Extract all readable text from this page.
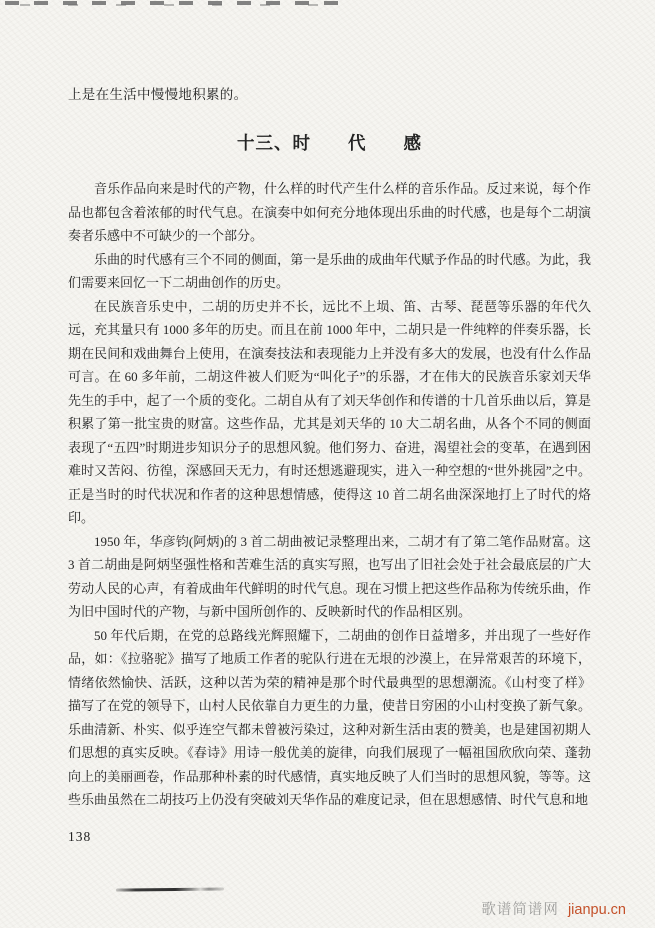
上是在生活中慢慢地积累的。
十三、时　　代　　感

音乐作品向来是时代的产物，什么样的时代产生什么样的音乐作品。反过来说，每个作品也都包含着浓郁的时代气息。在演奏中如何充分地体现出乐曲的时代感，也是每个二胡演奏者乐感中不可缺少的一个部分。

乐曲的时代感有三个不同的侧面，第一是乐曲的成曲年代赋予作品的时代感。为此，我们需要来回忆一下二胡曲创作的历史。

在民族音乐史中，二胡的历史并不长，远比不上埙、笛、古琴、琵琶等乐器的年代久远，充其量只有 1000 多年的历史。而且在前 1000 年中，二胡只是一件纯粹的伴奏乐器，长期在民间和戏曲舞台上使用，在演奏技法和表现能力上并没有多大的发展，也没有什么作品可言。在 60 多年前，二胡这件被人们贬为“叫化子”的乐器，才在伟大的民族音乐家刘天华先生的手中，起了一个质的变化。二胡自从有了刘天华创作和传谱的十几首乐曲以后，算是积累了第一批宝贵的财富。这些作品，尤其是刘天华的 10 大二胡名曲，从各个不同的侧面表现了“五四”时期进步知识分子的思想风貌。他们努力、奋进，渴望社会的变革，在遇到困难时又苦闷、彷徨，深感回天无力，有时还想逃避现实，进入一种空想的“世外挑园”之中。正是当时的时代状况和作者的这种思想情感，使得这 10 首二胡名曲深深地打上了时代的烙印。

1950 年，华彦钧(阿炳)的 3 首二胡曲被记录整理出来，二胡才有了第二笔作品财富。这 3 首二胡曲是阿炳坚强性格和苦难生活的真实写照，也写出了旧社会处于社会最底层的广大劳动人民的心声，有着成曲年代鲜明的时代气息。现在习惯上把这些作品称为传统乐曲，作为旧中国时代的产物，与新中国所创作的、反映新时代的作品相区别。

50 年代后期，在党的总路线光辉照耀下，二胡曲的创作日益增多，并出现了一些好作品，如：《拉骆驼》描写了地质工作者的驼队行进在无垠的沙漠上，在异常艰苦的环境下，情绪依然愉快、活跃，这种以苦为荣的精神是那个时代最典型的思想潮流。《山村变了样》描写了在党的领导下，山村人民依靠自力更生的力量，使昔日穷困的小山村变换了新气象。乐曲清新、朴实、似乎连空气都未曾被污染过，这种对新生活由衷的赞美，也是建国初期人们思想的真实反映。《春诗》用诗一般优美的旋律，向我们展现了一幅祖国欣欣向荣、蓬勃向上的美丽画卷，作品那种朴素的时代感情，真实地反映了人们当时的思想风貌，等等。这些乐曲虽然在二胡技巧上仍没有突破刘天华作品的难度记录，但在思想感情、时代气息和地

138
歌谱简谱网 jianpu.cn
